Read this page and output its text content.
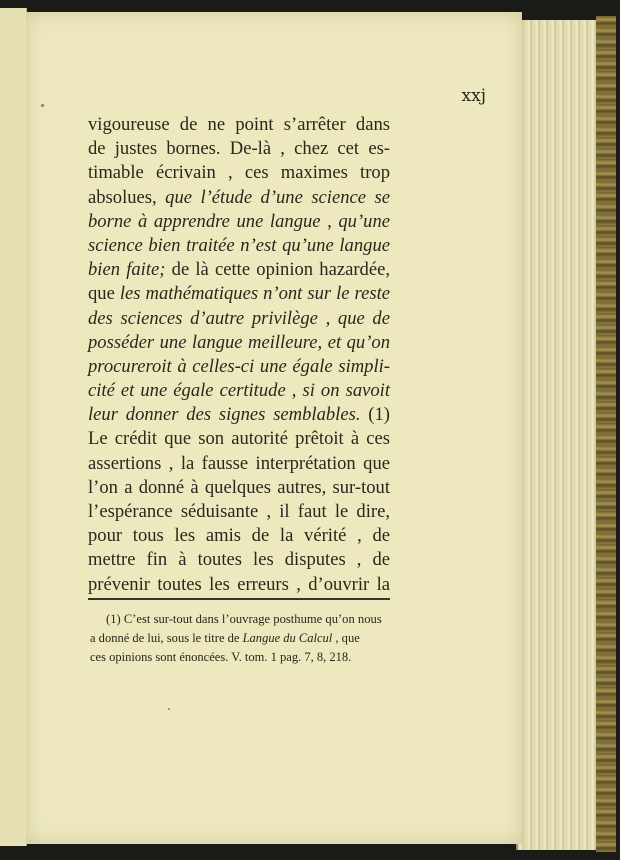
xxj
vigoureuse de ne point s’arrêter dans
de justes bornes. De-là , chez cet es-
timable écrivain , ces maximes trop
absolues, que l’étude d’une science se
borne à apprendre une langue , qu’une
science bien traitée n’est qu’une langue
bien faite; de là cette opinion hazardée,
que les mathématiques n’ont sur le reste
des sciences d’autre privilège , que de
posséder une langue meilleure, et qu’on
procureroit à celles-ci une égale simpli-
cité et une égale certitude , si on savoit
leur donner des signes semblables. (1)
Le crédit que son autorité prêtoit à ces
assertions , la fausse interprétation que
l’on a donné à quelques autres, sur-tout
l’espérance séduisante , il faut le dire,
pour tous les amis de la vérité , de
mettre fin à toutes les disputes , de
prévenir toutes les erreurs , d’ouvrir la
(1) C’est sur-tout dans l’ouvrage posthume qu’on nous
a donné de lui, sous le titre de Langue du Calcul , que
ces opinions sont énoncées. V. tom. 1 pag. 7, 8, 218.
